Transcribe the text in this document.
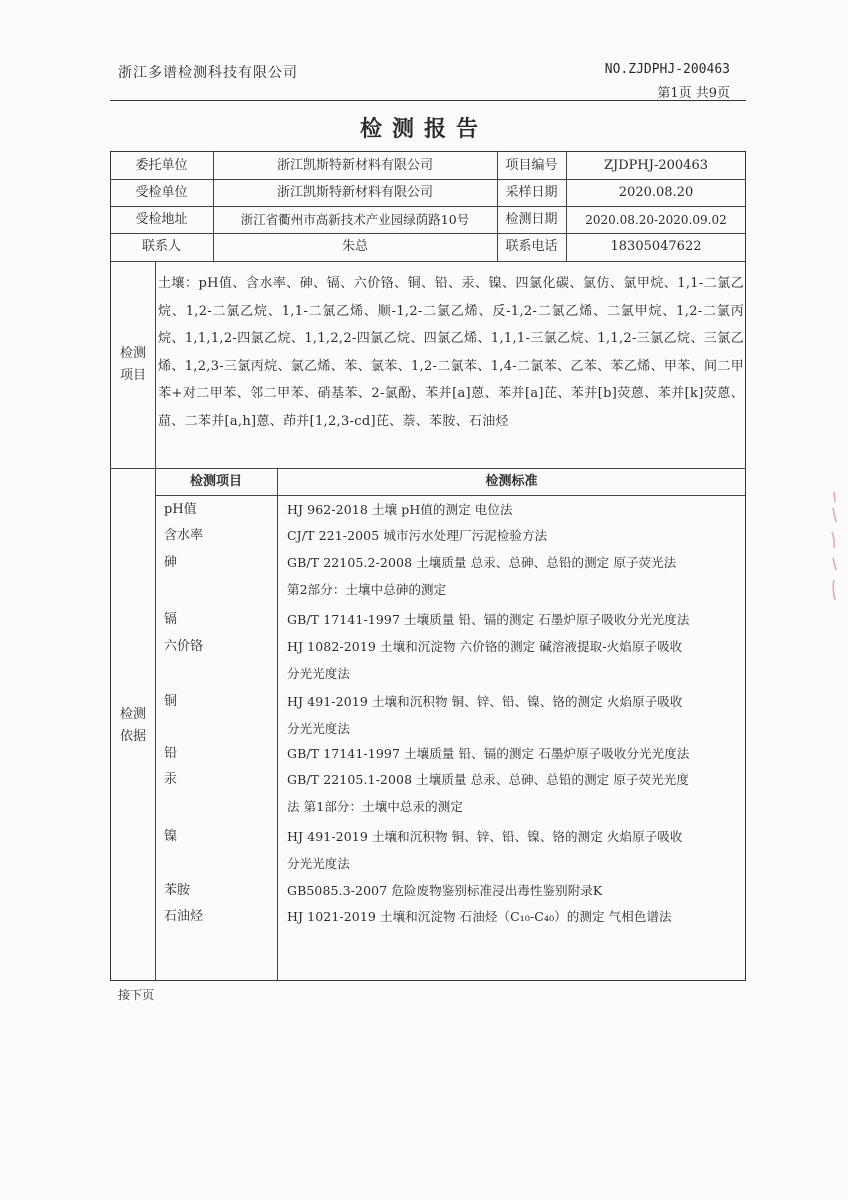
浙江多谱检测科技有限公司	NO.ZJDPHJ-200463
第1页 共9页
检测报告
委托单位	浙江凯斯特新材料有限公司	项目编号	ZJDPHJ-200463
受检单位	浙江凯斯特新材料有限公司	采样日期	2020.08.20
受检地址	浙江省衢州市高新技术产业园绿荫路10号	检测日期	2020.08.20-2020.09.02
联系人	朱总	联系电话	18305047622
检测
项目
土壤：pH值、含水率、砷、镉、六价铬、铜、铅、汞、镍、四氯化碳、氯仿、氯甲烷、1,1-二氯乙烷、1,2-二氯乙烷、1,1-二氯乙烯、顺-1,2-二氯乙烯、反-1,2-二氯乙烯、二氯甲烷、1,2-二氯丙烷、1,1,1,2-四氯乙烷、1,1,2,2-四氯乙烷、四氯乙烯、1,1,1-三氯乙烷、1,1,2-三氯乙烷、三氯乙烯、1,2,3-三氯丙烷、氯乙烯、苯、氯苯、1,2-二氯苯、1,4-二氯苯、乙苯、苯乙烯、甲苯、间二甲苯+对二甲苯、邻二甲苯、硝基苯、2-氯酚、苯并[a]蒽、苯并[a]芘、苯并[b]荧蒽、苯并[k]荧蒽、䓛、二苯并[a,h]蒽、茚并[1,2,3-cd]芘、萘、苯胺、石油烃
检测
依据
检测项目	检测标准
pH值	HJ 962-2018 土壤 pH值的测定 电位法
含水率	CJ/T 221-2005 城市污水处理厂污泥检验方法
砷	GB/T 22105.2-2008 土壤质量 总汞、总砷、总铅的测定 原子荧光法
第2部分：土壤中总砷的测定
镉	GB/T 17141-1997 土壤质量 铅、镉的测定 石墨炉原子吸收分光光度法
六价铬	HJ 1082-2019 土壤和沉淀物 六价铬的测定 碱溶液提取-火焰原子吸收
分光光度法
铜	HJ 491-2019 土壤和沉积物 铜、锌、铅、镍、铬的测定 火焰原子吸收
分光光度法
铅	GB/T 17141-1997 土壤质量 铅、镉的测定 石墨炉原子吸收分光光度法
汞	GB/T 22105.1-2008 土壤质量 总汞、总砷、总铅的测定 原子荧光光度
法 第1部分：土壤中总汞的测定
镍	HJ 491-2019 土壤和沉积物 铜、锌、铅、镍、铬的测定 火焰原子吸收
分光光度法
苯胺	GB5085.3-2007 危险废物鉴别标准浸出毒性鉴别附录K
石油烃	HJ 1021-2019 土壤和沉淀物 石油烃（C₁₀-C₄₀）的测定 气相色谱法
接下页
